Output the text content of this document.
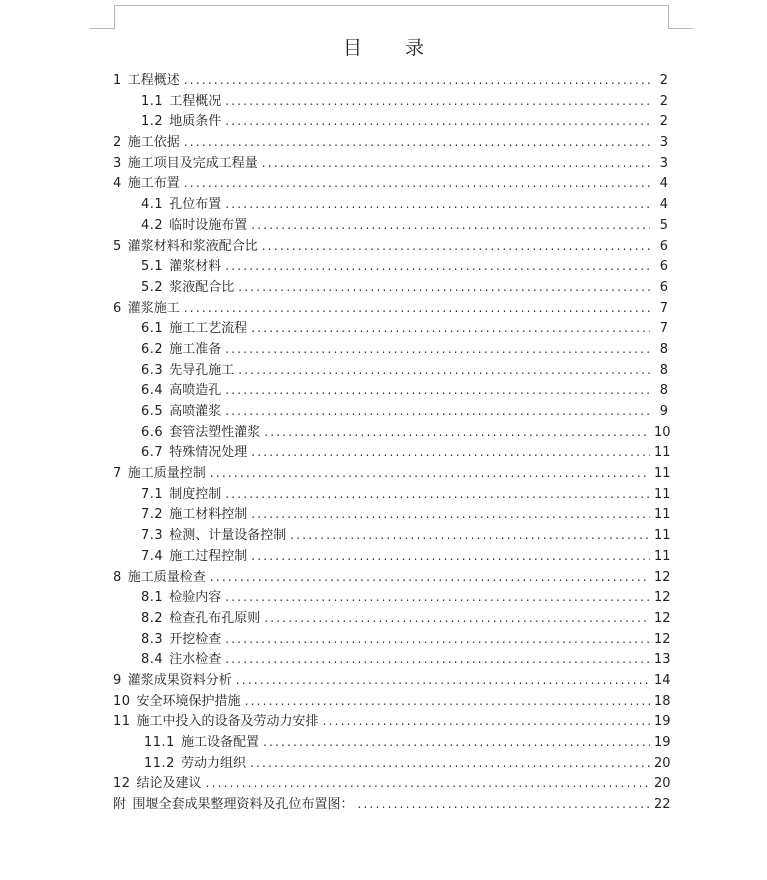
目　录
1 工程概述 .....	2
1.1 工程概况 .....	2
1.2 地质条件 .....	2
2 施工依据 .....	3
3 施工项目及完成工程量 .....	3
4 施工布置 .....	4
4.1 孔位布置 .....	4
4.2 临时设施布置 .....	5
5 灌浆材料和浆液配合比 .....	6
5.1 灌浆材料 .....	6
5.2 浆液配合比 .....	6
6 灌浆施工 .....	7
6.1 施工工艺流程 .....	7
6.2 施工准备 .....	8
6.3 先导孔施工 .....	8
6.4 高喷造孔 .....	8
6.5 高喷灌浆 .....	9
6.6 套管法塑性灌浆 .....	10
6.7 特殊情况处理 .....	11
7 施工质量控制 .....	11
7.1 制度控制 .....	11
7.2 施工材料控制 .....	11
7.3 检测、计量设备控制 .....	11
7.4 施工过程控制 .....	11
8 施工质量检查 .....	12
8.1 检验内容 .....	12
8.2 检查孔布孔原则 .....	12
8.3 开挖检查 .....	12
8.4 注水检查 .....	13
9 灌浆成果资料分析 .....	14
10 安全环境保护措施 .....	18
11 施工中投入的设备及劳动力安排 .....	19
11.1 施工设备配置 .....	19
11.2 劳动力组织 .....	20
12 结论及建议 .....	20
附 围堰全套成果整理资料及孔位布置图： .....	22
